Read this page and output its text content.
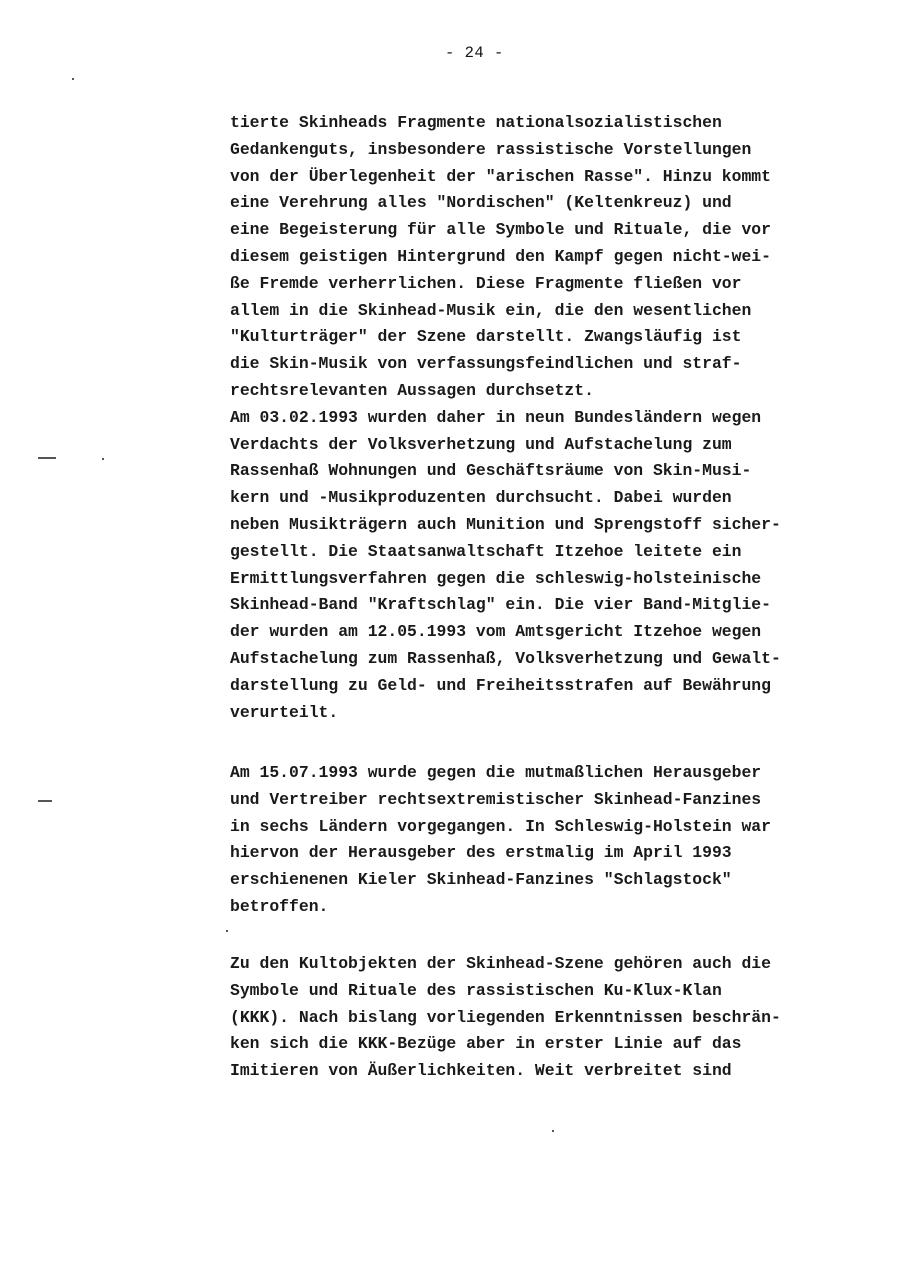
- 24 -
tierte Skinheads Fragmente nationalsozialistischen
Gedankenguts, insbesondere rassistische Vorstellungen
von der Überlegenheit der "arischen Rasse". Hinzu kommt
eine Verehrung alles "Nordischen" (Keltenkreuz) und
eine Begeisterung für alle Symbole und Rituale, die vor
diesem geistigen Hintergrund den Kampf gegen nicht-wei-
ße Fremde verherrlichen. Diese Fragmente fließen vor
allem in die Skinhead-Musik ein, die den wesentlichen
"Kulturträger" der Szene darstellt. Zwangsläufig ist
die Skin-Musik von verfassungsfeindlichen und straf-
rechtsrelevanten Aussagen durchsetzt.
Am 03.02.1993 wurden daher in neun Bundesländern wegen
Verdachts der Volksverhetzung und Aufstachelung zum
Rassenhaß Wohnungen und Geschäftsräume von Skin-Musi-
kern und -Musikproduzenten durchsucht. Dabei wurden
neben Musikträgern auch Munition und Sprengstoff sicher-
gestellt. Die Staatsanwaltschaft Itzehoe leitete ein
Ermittlungsverfahren gegen die schleswig-holsteinische
Skinhead-Band "Kraftschlag" ein. Die vier Band-Mitglie-
der wurden am 12.05.1993 vom Amtsgericht Itzehoe wegen
Aufstachelung zum Rassenhaß, Volksverhetzung und Gewalt-
darstellung zu Geld- und Freiheitsstrafen auf Bewährung
verurteilt.
Am 15.07.1993 wurde gegen die mutmaßlichen Herausgeber
und Vertreiber rechtsextremistischer Skinhead-Fanzines
in sechs Ländern vorgegangen. In Schleswig-Holstein war
hiervon der Herausgeber des erstmalig im April 1993
erschienenen Kieler Skinhead-Fanzines "Schlagstock"
betroffen.
Zu den Kultobjekten der Skinhead-Szene gehören auch die
Symbole und Rituale des rassistischen Ku-Klux-Klan
(KKK). Nach bislang vorliegenden Erkenntnissen beschrän-
ken sich die KKK-Bezüge aber in erster Linie auf das
Imitieren von Äußerlichkeiten. Weit verbreitet sind
